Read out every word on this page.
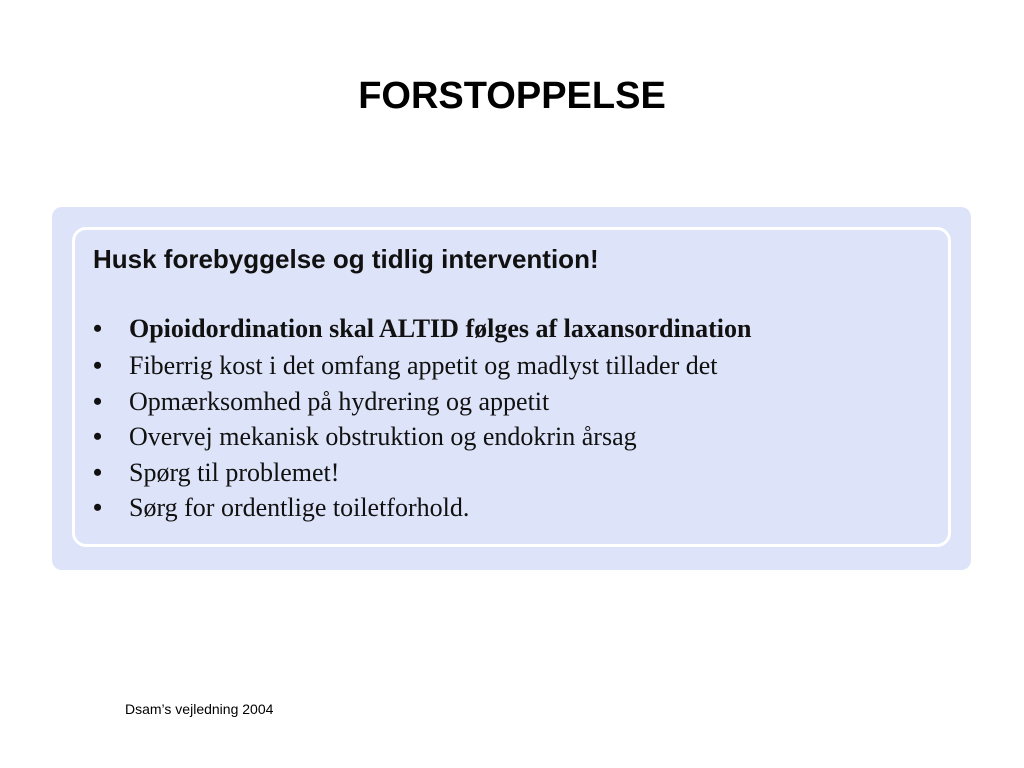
FORSTOPPELSE
Husk forebyggelse og tidlig intervention!
•	Opioidordination skal ALTID følges af laxansordination
•	Fiberrig kost i det omfang appetit og madlyst tillader det
•	Opmærksomhed på hydrering og appetit
•	Overvej mekanisk obstruktion og endokrin årsag
•	Spørg til problemet!
•	Sørg for ordentlige toiletforhold.
Dsam’s vejledning 2004
